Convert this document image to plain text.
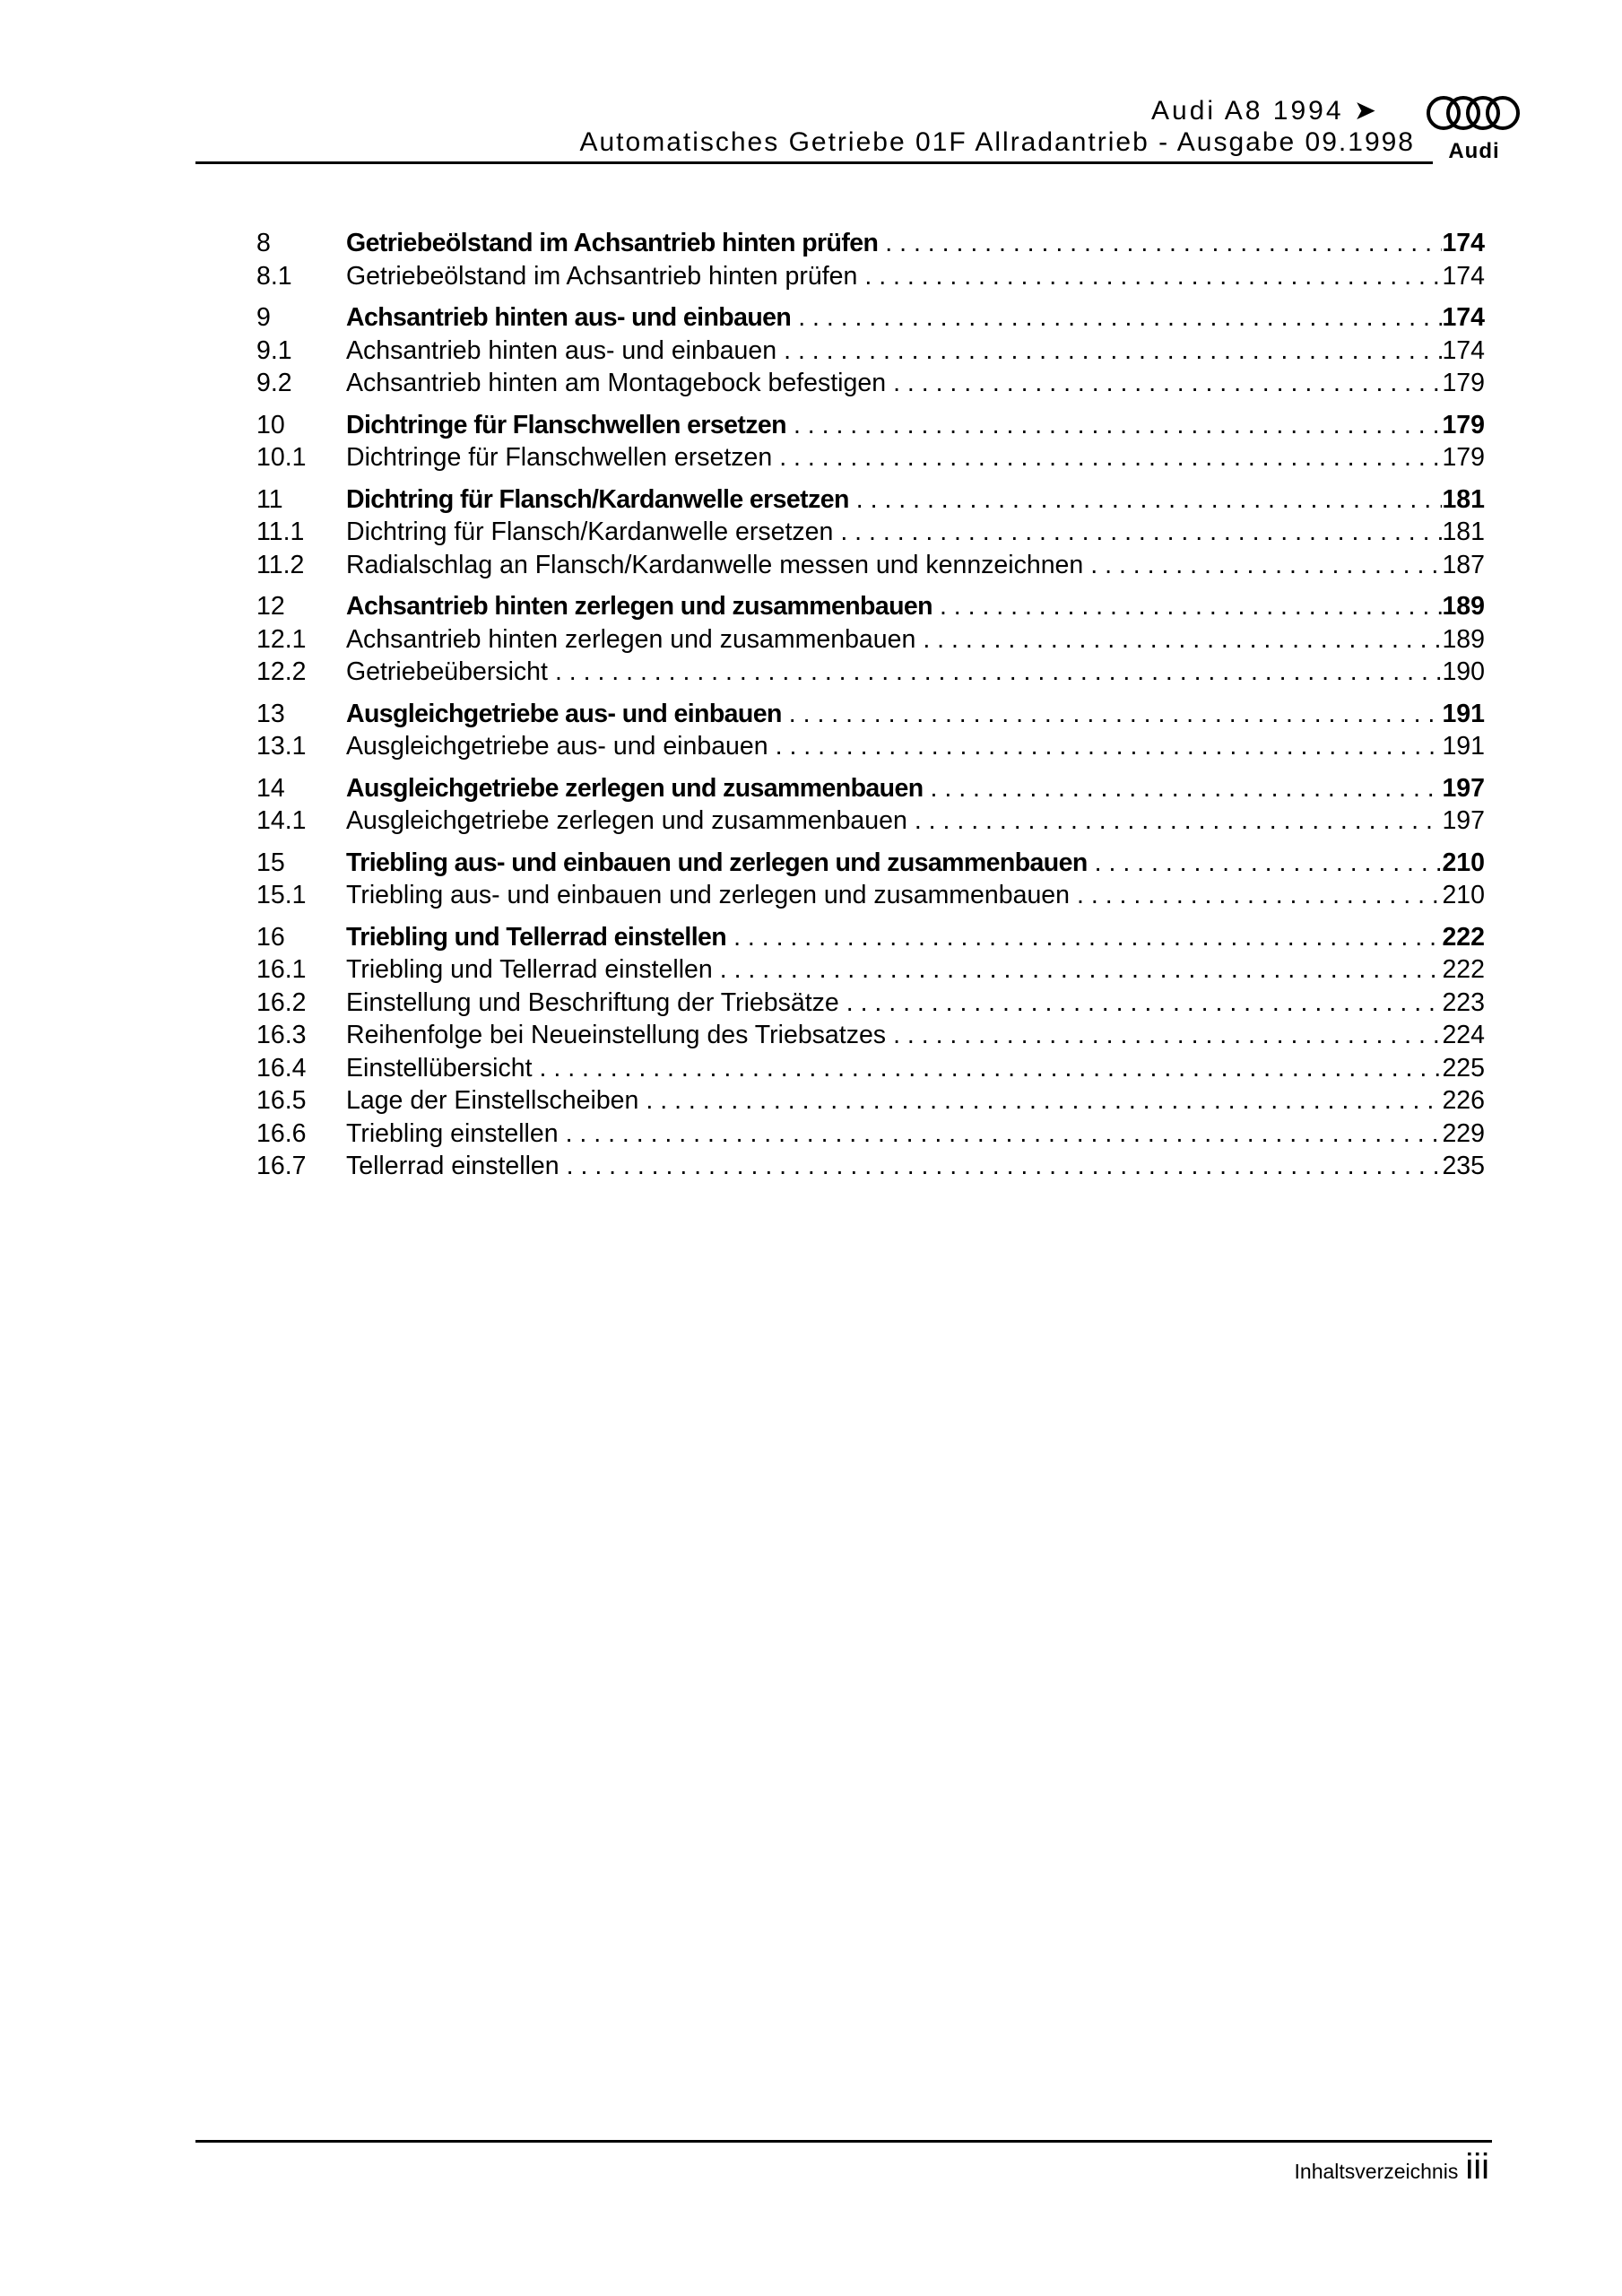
Audi A8 1994 ➤
Automatisches Getriebe 01F Allradantrieb - Ausgabe 09.1998 Audi
8	Getriebeölstand im Achsantrieb hinten prüfen . . .	174
8.1	Getriebeölstand im Achsantrieb hinten prüfen . . .	174
9	Achsantrieb hinten aus- und einbauen . . .	174
9.1	Achsantrieb hinten aus- und einbauen . . .	174
9.2	Achsantrieb hinten am Montagebock befestigen . . .	179
10	Dichtringe für Flanschwellen ersetzen . . .	179
10.1	Dichtringe für Flanschwellen ersetzen . . .	179
11	Dichtring für Flansch/Kardanwelle ersetzen . . .	181
11.1	Dichtring für Flansch/Kardanwelle ersetzen . . .	181
11.2	Radialschlag an Flansch/Kardanwelle messen und kennzeichnen . . .	187
12	Achsantrieb hinten zerlegen und zusammenbauen . . .	189
12.1	Achsantrieb hinten zerlegen und zusammenbauen . . .	189
12.2	Getriebeübersicht . . .	190
13	Ausgleichgetriebe aus- und einbauen . . .	191
13.1	Ausgleichgetriebe aus- und einbauen . . .	191
14	Ausgleichgetriebe zerlegen und zusammenbauen . . .	197
14.1	Ausgleichgetriebe zerlegen und zusammenbauen . . .	197
15	Triebling aus- und einbauen und zerlegen und zusammenbauen . . .	210
15.1	Triebling aus- und einbauen und zerlegen und zusammenbauen . . .	210
16	Triebling und Tellerrad einstellen . . .	222
16.1	Triebling und Tellerrad einstellen . . .	222
16.2	Einstellung und Beschriftung der Triebsätze . . .	223
16.3	Reihenfolge bei Neueinstellung des Triebsatzes . . .	224
16.4	Einstellübersicht . . .	225
16.5	Lage der Einstellscheiben . . .	226
16.6	Triebling einstellen . . .	229
16.7	Tellerrad einstellen . . .	235
Inhaltsverzeichnis iii
